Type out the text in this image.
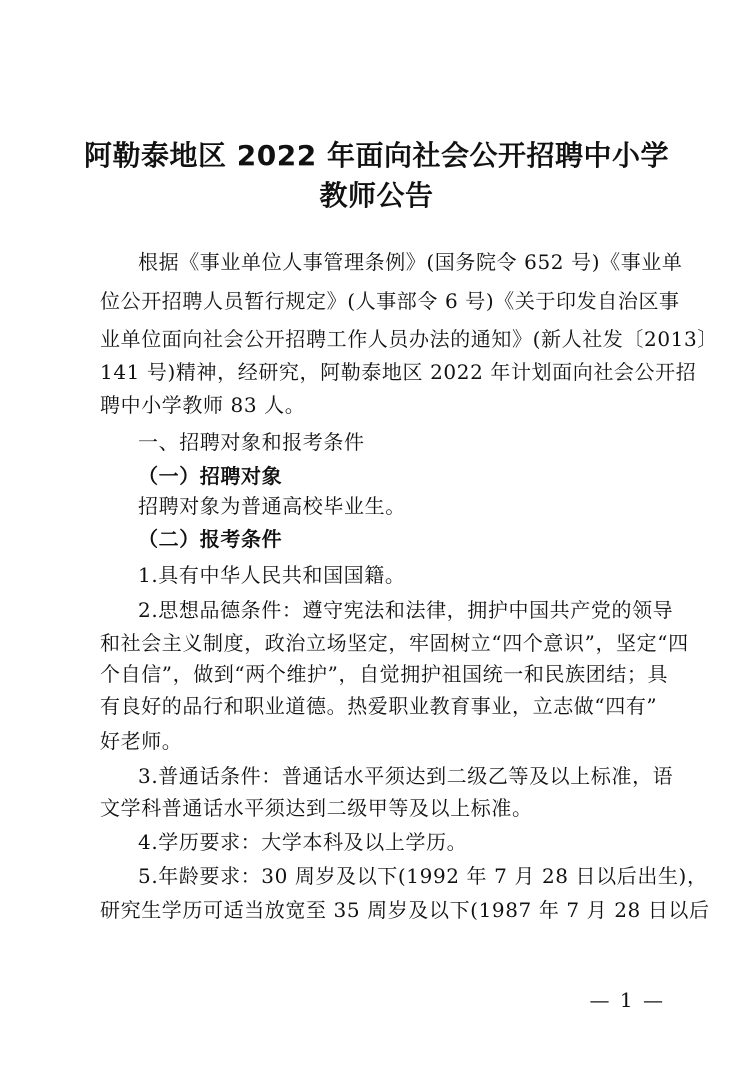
阿勒泰地区 2022 年面向社会公开招聘中小学
教师公告
根据《事业单位人事管理条例》(国务院令 652 号)《事业单
位公开招聘人员暂行规定》(人事部令 6 号)《关于印发自治区事
业单位面向社会公开招聘工作人员办法的通知》(新人社发〔2013〕
141 号)精神，经研究，阿勒泰地区 2022 年计划面向社会公开招
聘中小学教师 83 人。
一、招聘对象和报考条件
（一）招聘对象
招聘对象为普通高校毕业生。
（二）报考条件
1.具有中华人民共和国国籍。
2.思想品德条件：遵守宪法和法律，拥护中国共产党的领导
和社会主义制度，政治立场坚定，牢固树立“四个意识”，坚定“四
个自信”，做到“两个维护”，自觉拥护祖国统一和民族团结；具
有良好的品行和职业道德。热爱职业教育事业，立志做“四有”
好老师。
3.普通话条件：普通话水平须达到二级乙等及以上标准，语
文学科普通话水平须达到二级甲等及以上标准。
4.学历要求：大学本科及以上学历。
5.年龄要求：30 周岁及以下(1992 年 7 月 28 日以后出生)，
研究生学历可适当放宽至 35 周岁及以下(1987 年 7 月 28 日以后
— 1 —
